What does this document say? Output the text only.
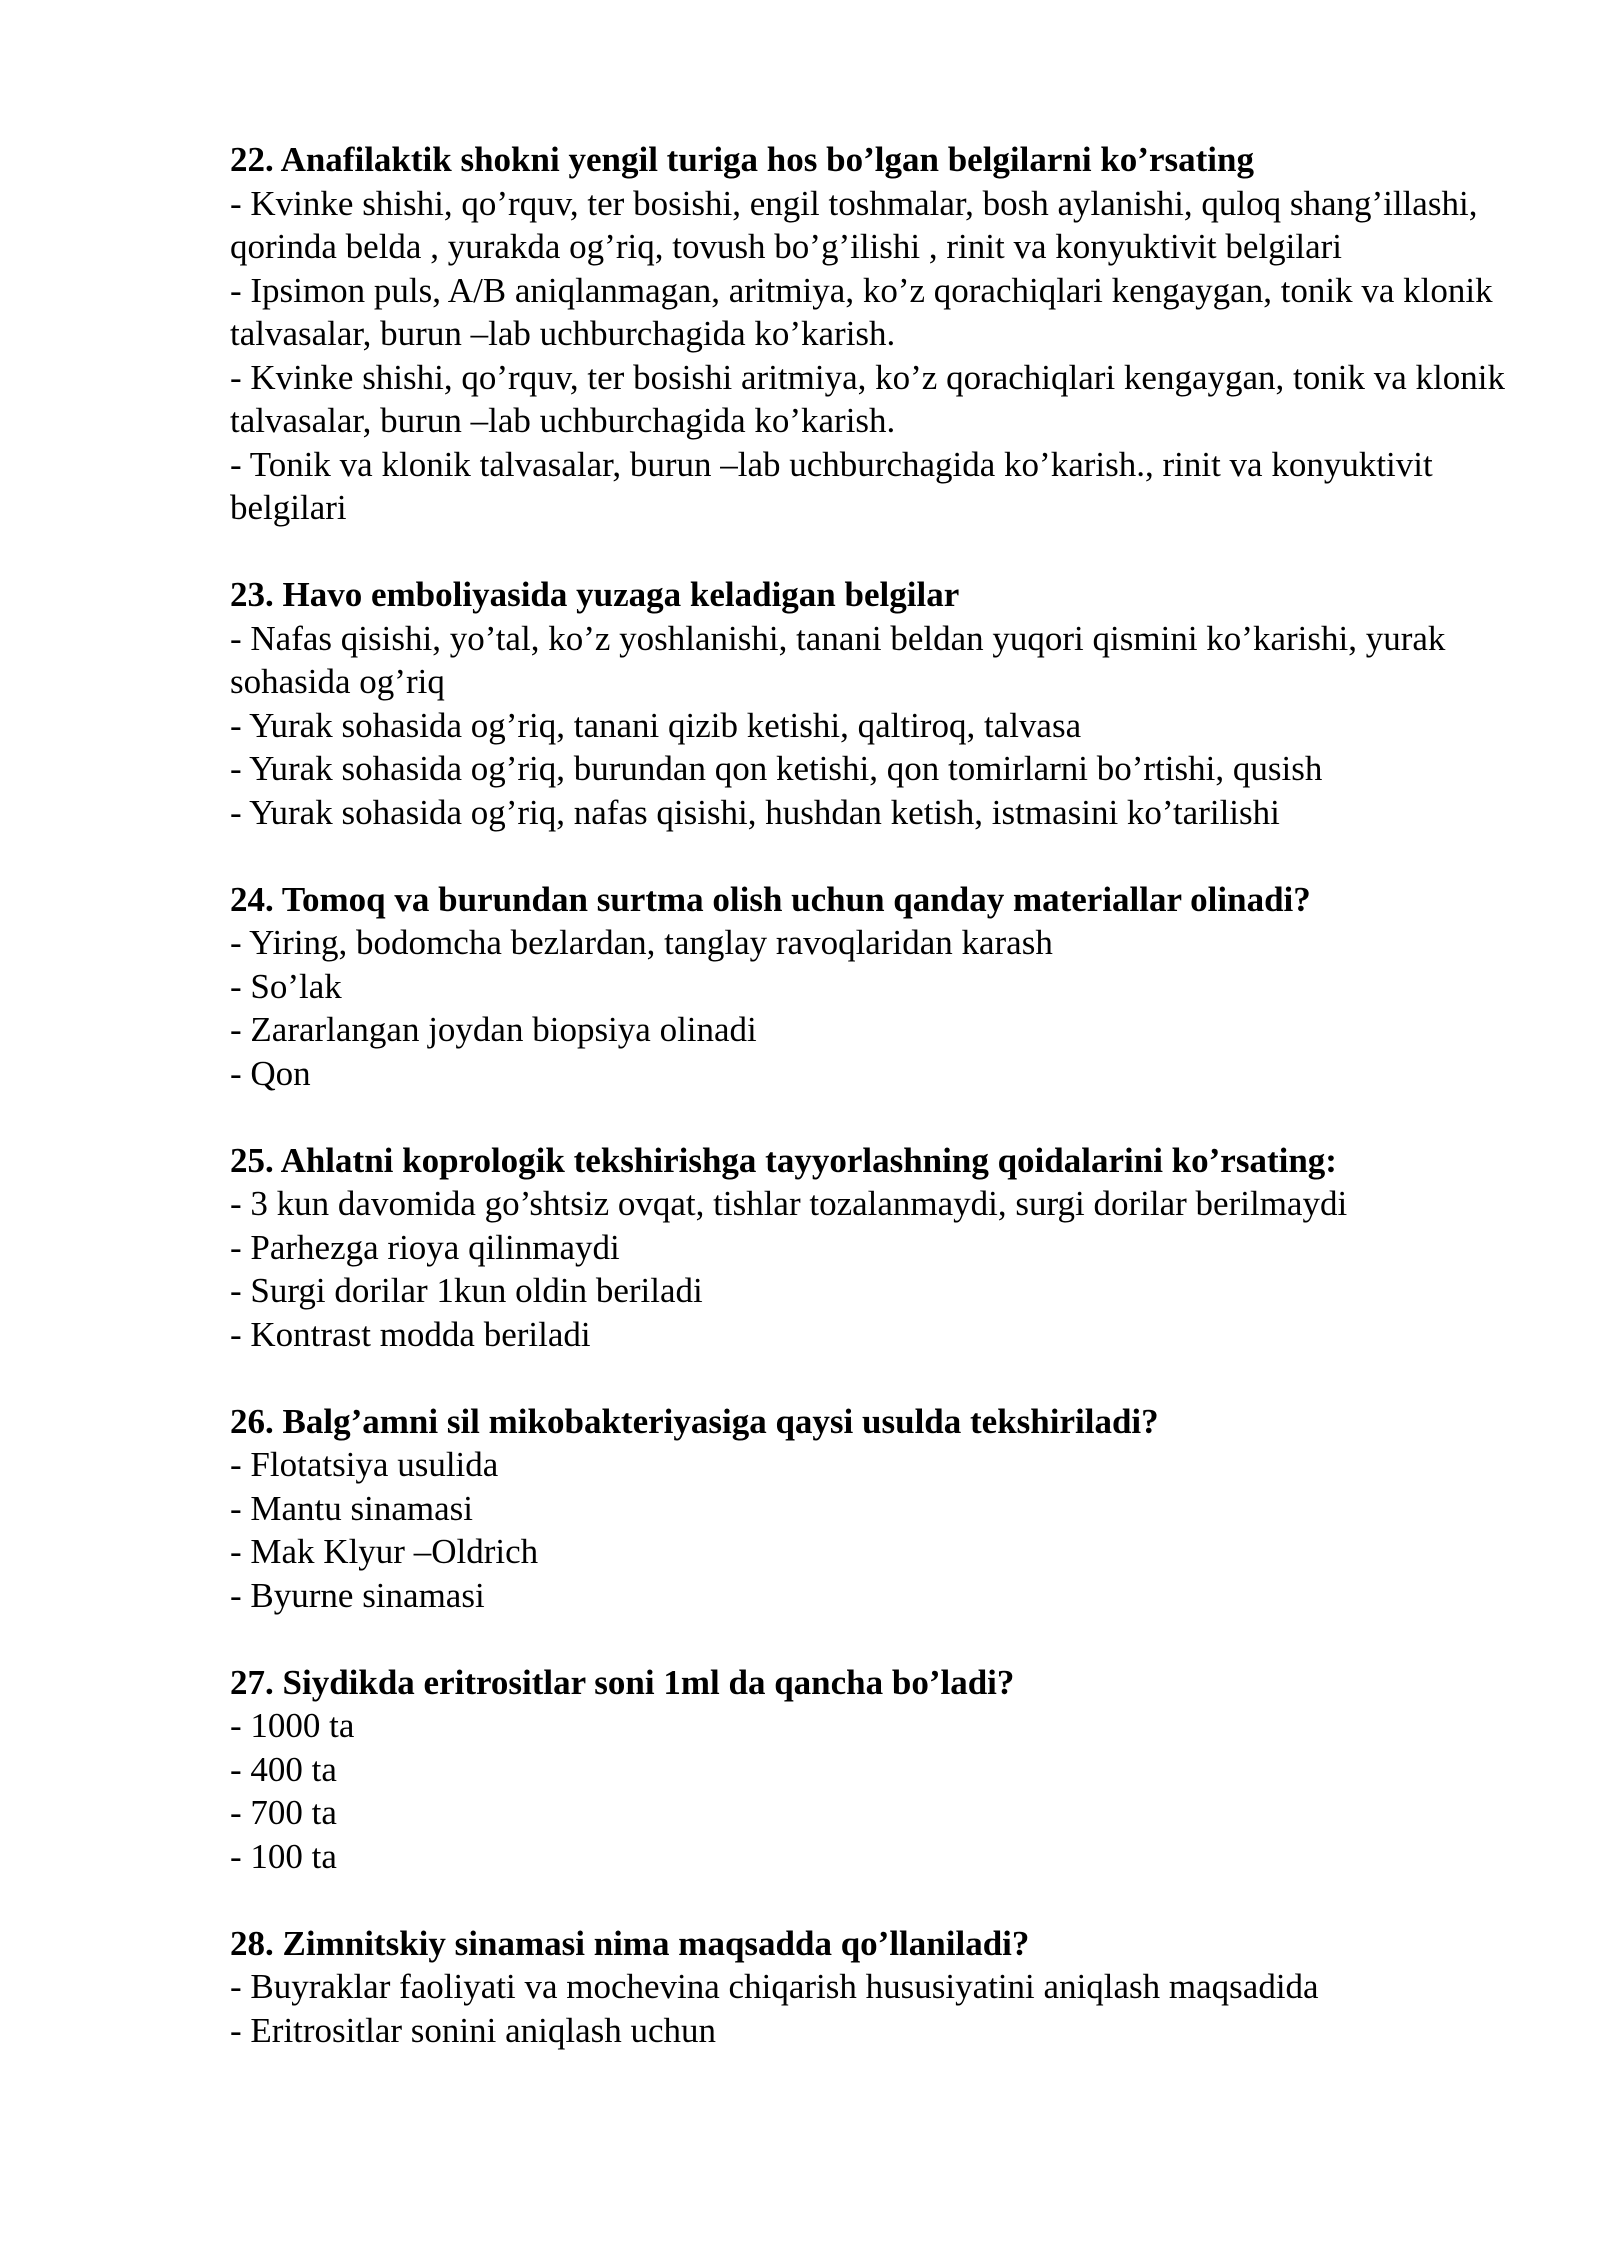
22. Anafilaktik shokni yengil turiga hos bo’lgan belgilarni ko’rsating

- Kvinke shishi, qo’rquv, ter bosishi, engil toshmalar, bosh aylanishi, quloq shang’illashi, qorinda belda , yurakda og’riq, tovush bo’g’ilishi , rinit va konyuktivit belgilari

- Ipsimon puls, A/B aniqlanmagan, aritmiya, ko’z qorachiqlari kengaygan, tonik va klonik talvasalar, burun –lab uchburchagida ko’karish.

- Kvinke shishi, qo’rquv, ter bosishi aritmiya, ko’z qorachiqlari kengaygan, tonik va klonik talvasalar, burun –lab uchburchagida ko’karish.

- Tonik va klonik talvasalar, burun –lab uchburchagida ko’karish., rinit va konyuktivit belgilari

23. Havo emboliyasida yuzaga keladigan belgilar

- Nafas qisishi, yo’tal, ko’z yoshlanishi, tanani beldan yuqori qismini ko’karishi, yurak sohasida og’riq

- Yurak sohasida og’riq, tanani qizib ketishi, qaltiroq, talvasa

- Yurak sohasida og’riq, burundan qon ketishi, qon tomirlarni bo’rtishi, qusish

- Yurak sohasida og’riq, nafas qisishi, hushdan ketish, istmasini ko’tarilishi

24. Tomoq va burundan surtma olish uchun qanday materiallar olinadi?

- Yiring, bodomcha bezlardan, tanglay ravoqlaridan karash

- So’lak

- Zararlangan joydan biopsiya olinadi

- Qon

25. Ahlatni koprologik tekshirishga tayyorlashning qoidalarini ko’rsating:

- 3 kun davomida go’shtsiz ovqat, tishlar tozalanmaydi, surgi dorilar berilmaydi

- Parhezga rioya qilinmaydi

- Surgi dorilar 1kun oldin beriladi

- Kontrast modda beriladi

26. Balg’amni sil mikobakteriyasiga qaysi usulda tekshiriladi?

- Flotatsiya usulida

- Mantu sinamasi

- Mak Klyur –Oldrich

- Byurne sinamasi

27. Siydikda eritrositlar soni 1ml da qancha bo’ladi?

- 1000 ta

- 400 ta

- 700 ta

- 100 ta

28. Zimnitskiy sinamasi nima maqsadda qo’llaniladi?

- Buyraklar faoliyati va mochevina chiqarish hususiyatini aniqlash maqsadida

- Eritrositlar sonini aniqlash uchun
